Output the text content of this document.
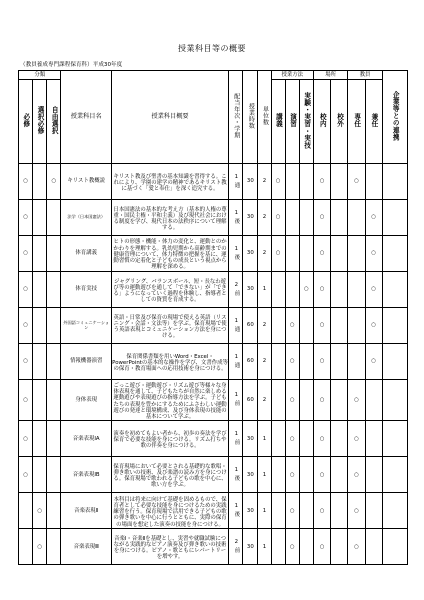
授業科目等の概要
（教員養成専門課程保育科）平成30年度
分類			授業科目名	授業科目概要	配当年次・学期	授業時数	単位数	授業方法			場所		教員		企業等との連携
必修	選択必修	自由選択						講義	演習	実験・実習・実技	校内	校外	専任	兼任	
○		○	キリスト教概説	キリスト教及び聖書の基本知識を習得する。これにより、学園の建学の精神であるキリスト教に基づく「愛と奉仕」を深く追究する。	1
通	30	2	○			○		○		
○			法学（日本国憲法）	日本国憲法の基本的な考え方（基本的人権の尊重・国民主権・平和主義）及び現代社会における制度を学び、現代日本の法秩序について理解する。	1
後	30	2	○			○			○	
○			体育講義	ヒトの形態・機能・体力の変化と、運動とのかかわりを理解する。乳幼児期から高齢期までの健康管理について、体力特徴の把握を基に、運動習慣の定着化と子どもの成長という視点から理解を深める。	1
後	30	2	○			○			○	
○			体育実技	ジャグリング、バランスボール、短・長なわ遊び等の運動遊びを通して「できない」が「できる」ようになっていく過程を体験し、指導者としての資質を育成する。	2
前	30	1			○	○			○	
○			外国語コミュニケーション	英語・日常及び保育の現場で使える英語（リスニング・会話・文法等）を学ぶ。保育現場で使う英語表現とコミュニケーション方法を身につける。	1
通	60	2		○		○			○	
○			情報機器演習	保育関係書類を用いWord・Excel・PowerPointの基本的な操作を学び、文書作成等の保育・教育場面への応用技術を身につける。	1
通	60	2		○		○			○	
○			身体表現	ごっこ遊び・運動遊び・リズム遊び等様々な身体表現を通して、子どもたちが自然に楽しめる運動遊びや表現遊びの指導方法を学ぶ。子どもたちの表現を豊かにするためにふさわしい運動遊びの発達と環境構成、及び身体表現の技能の基本について学ぶ。	1
前	60	2		○		○		○		
○			音楽表現ⅠA	演奏を初めてもよい者から、初歩の奏法を学び保育で必要な技能を身につける。リズム打ちや歌の伴奏を身につける。	1
前	30	1		○		○		○		
○			音楽表現ⅠB	保育現場において必要とされる基礎的な歌唱・弾き歌いの技術、及び楽譜の読み方を身につける。保育現場で歌われる子どもの歌を中心に、歌い方を学ぶ。	1
後	30	1		○		○		○		
	○		音楽表現Ⅱ	本科目は将来に向けて基礎を固めるもので、保育者として必要な技能を身につけるための実践練習を行う。保育現場で活用できる子どもの歌の弾き歌いを中心に行うとともに、実際の保育の場面を想定した演奏の技能を身につける。	1
後	30	1		○		○		○		
	○		音楽表現Ⅲ	音楽Ⅰ・音楽Ⅱを基礎とし、実習や就職試験につながる実践的なピアノ演奏及び弾き歌いの技術を身につける。ピアノ・歌ともにレパートリーを増やす。	2
前	30	1		○		○		○		
